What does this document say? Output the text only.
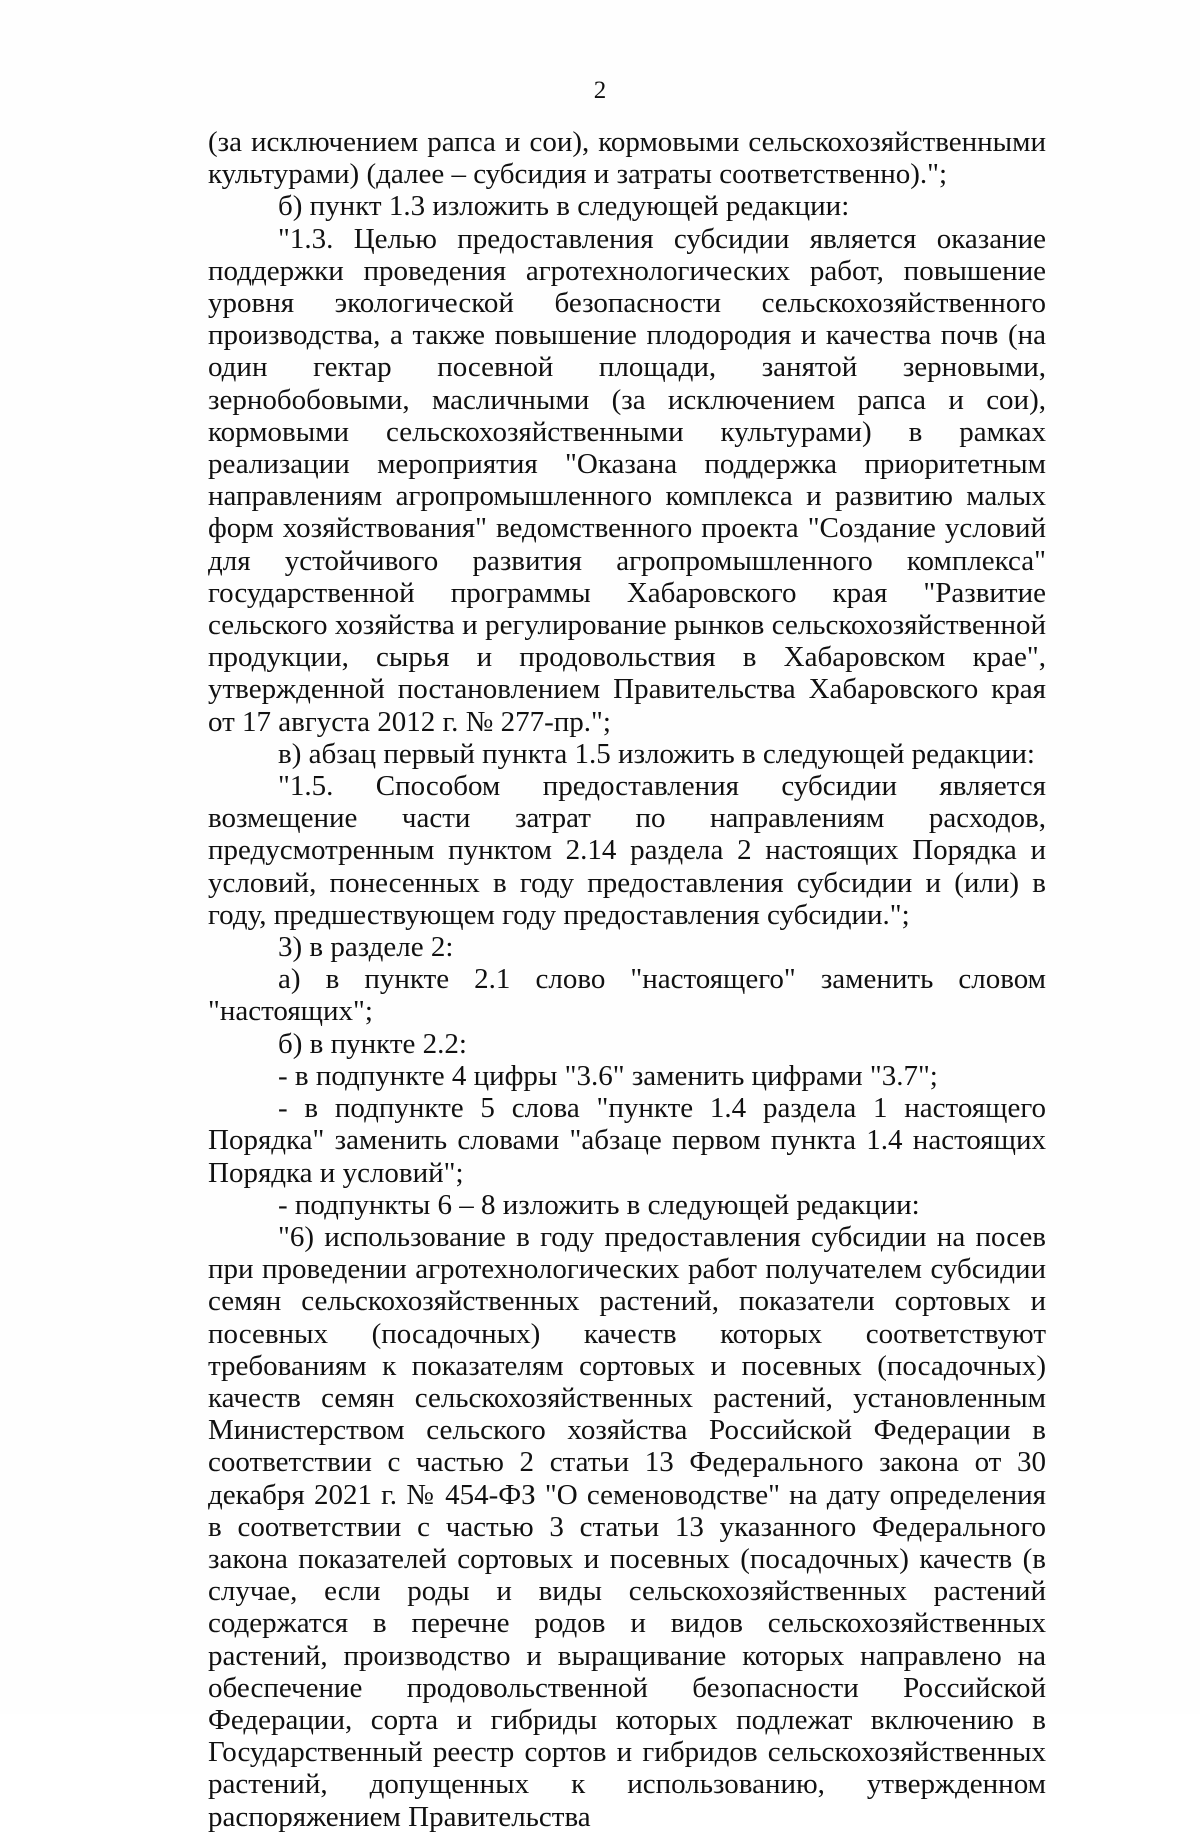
2

(за исключением рапса и сои), кормовыми сельскохозяйственными культурами) (далее – субсидия и затраты соответственно).";

б) пункт 1.3 изложить в следующей редакции:

"1.3. Целью предоставления субсидии является оказание поддержки проведения агротехнологических работ, повышение уровня экологической безопасности сельскохозяйственного производства, а также повышение плодородия и качества почв (на один гектар посевной площади, занятой зерновыми, зернобобовыми, масличными (за исключением рапса и сои), кормовыми сельскохозяйственными культурами) в рамках реализации мероприятия "Оказана поддержка приоритетным направлениям агропромышленного комплекса и развитию малых форм хозяйствования" ведомственного проекта "Создание условий для устойчивого развития агропромышленного комплекса" государственной программы Хабаровского края "Развитие сельского хозяйства и регулирование рынков сельскохозяйственной продукции, сырья и продовольствия в Хабаровском крае", утвержденной постановлением Правительства Хабаровского края от 17 августа 2012 г. № 277-пр.";

в) абзац первый пункта 1.5 изложить в следующей редакции:

"1.5. Способом предоставления субсидии является возмещение части затрат по направлениям расходов, предусмотренным пунктом 2.14 раздела 2 настоящих Порядка и условий, понесенных в году предоставления субсидии и (или) в году, предшествующем году предоставления субсидии.";

3) в разделе 2:

а) в пункте 2.1 слово "настоящего" заменить словом "настоящих";

б) в пункте 2.2:

- в подпункте 4 цифры "3.6" заменить цифрами "3.7";

- в подпункте 5 слова "пункте 1.4 раздела 1 настоящего Порядка" заменить словами "абзаце первом пункта 1.4 настоящих Порядка и условий";

- подпункты 6 – 8 изложить в следующей редакции:

"6) использование в году предоставления субсидии на посев при проведении агротехнологических работ получателем субсидии семян сельскохозяйственных растений, показатели сортовых и посевных (посадочных) качеств которых соответствуют требованиям к показателям сортовых и посевных (посадочных) качеств семян сельскохозяйственных растений, установленным Министерством сельского хозяйства Российской Федерации в соответствии с частью 2 статьи 13 Федерального закона от 30 декабря 2021 г. № 454-ФЗ "О семеноводстве" на дату определения в соответствии с частью 3 статьи 13 указанного Федерального закона показателей сортовых и посевных (посадочных) качеств (в случае, если роды и виды сельскохозяйственных растений содержатся в перечне родов и видов сельскохозяйственных растений, производство и выращивание которых направлено на обеспечение продовольственной безопасности Российской Федерации, сорта и гибриды которых подлежат включению в Государственный реестр сортов и гибридов сельскохозяйственных растений, допущенных к использованию, утвержденном распоряжением Правительства
